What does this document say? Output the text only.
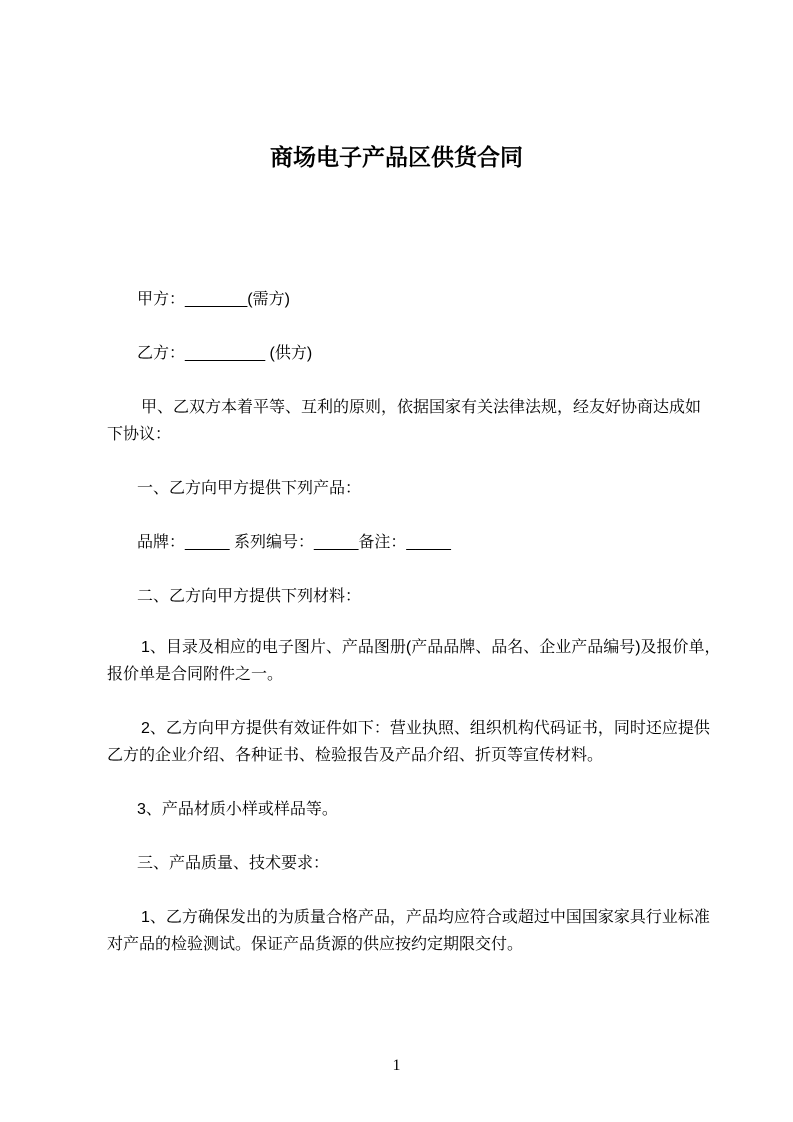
商场电子产品区供货合同

甲方：_______(需方)

乙方：_________ (供方)

甲、乙双方本着平等、互利的原则，依据国家有关法律法规，经友好协商达成如

下协议：

一、乙方向甲方提供下列产品：

品牌：_____ 系列编号：_____备注：_____

二、乙方向甲方提供下列材料：

1、目录及相应的电子图片、产品图册(产品品牌、品名、企业产品编号)及报价单，

报价单是合同附件之一。

2、乙方向甲方提供有效证件如下：营业执照、组织机构代码证书，同时还应提供

乙方的企业介绍、各种证书、检验报告及产品介绍、折页等宣传材料。

3、产品材质小样或样品等。

三、产品质量、技术要求：

1、乙方确保发出的为质量合格产品，产品均应符合或超过中国国家家具行业标准

对产品的检验测试。保证产品货源的供应按约定期限交付。

1
